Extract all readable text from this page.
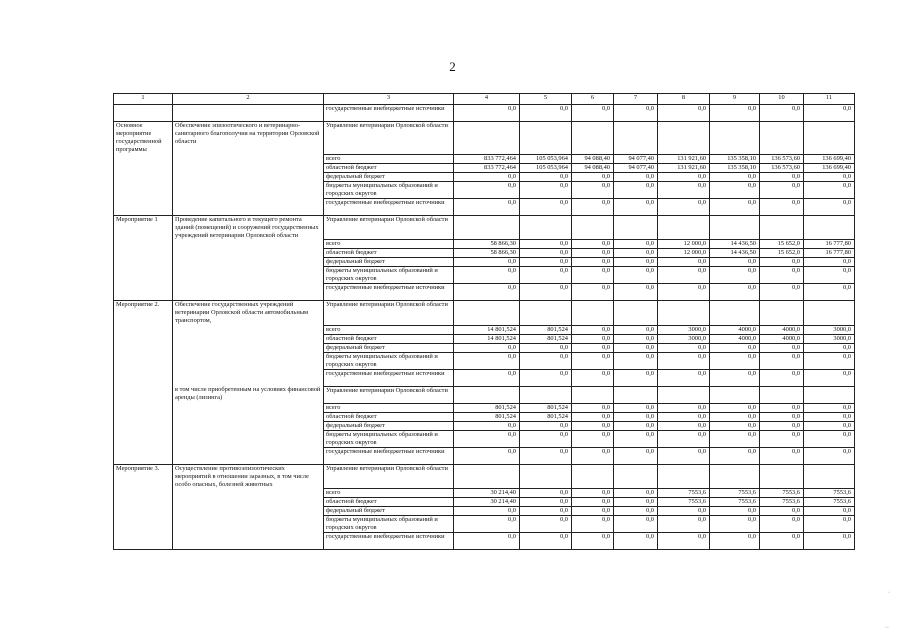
2
1	2	3	4	5	6	7	8	9	10	11
		государственные внебюджетные источники	0,0	0,0	0,0	0,0	0,0	0,0	0,0	0,0
Основное мероприятие государственной программы	Обеспечение эпизоотического и ветеринарно-санитарного благополучия на территории Орловской области	Управление ветеринарии Орловской области								
		всего	833 772,464	105 053,964	94 088,40	94 077,40	131 921,60	135 358,10	136 573,60	136 699,40
		областной бюджет	833 772,464	105 053,964	94 088,40	94 077,40	131 921,60	135 358,10	136 573,60	136 699,40
		федеральный бюджет	0,0	0,0	0,0	0,0	0,0	0,0	0,0	0,0
		бюджеты муниципальных образований и городских округов	0,0	0,0	0,0	0,0	0,0	0,0	0,0	0,0
		государственные внебюджетные источники	0,0	0,0	0,0	0,0	0,0	0,0	0,0	0,0
Мероприятие 1	Проведение капитального и текущего ремонта зданий (помещений) и сооружений государственных учреждений ветеринарии Орловской области	Управление ветеринарии Орловской области								
		всего	58 866,30	0,0	0,0	0,0	12 000,0	14 436,50	15 652,0	16 777,80
		областной бюджет	58 866,30	0,0	0,0	0,0	12 000,0	14 436,50	15 652,0	16 777,80
		федеральный бюджет	0,0	0,0	0,0	0,0	0,0	0,0	0,0	0,0
		бюджеты муниципальных образований и городских округов	0,0	0,0	0,0	0,0	0,0	0,0	0,0	0,0
		государственные внебюджетные источники	0,0	0,0	0,0	0,0	0,0	0,0	0,0	0,0
Мероприятие 2.	Обеспечение государственных учреждений ветеринарии Орловской области автомобильным транспортом,	Управление ветеринарии Орловской области								
		всего	14 801,524	801,524	0,0	0,0	3000,0	4000,0	4000,0	3000,0
		областной бюджет	14 801,524	801,524	0,0	0,0	3000,0	4000,0	4000,0	3000,0
		федеральный бюджет	0,0	0,0	0,0	0,0	0,0	0,0	0,0	0,0
		бюджеты муниципальных образований и городских округов	0,0	0,0	0,0	0,0	0,0	0,0	0,0	0,0
		государственные внебюджетные источники	0,0	0,0	0,0	0,0	0,0	0,0	0,0	0,0
	в том числе приобретенным на условиях финансовой аренды (лизинга)	Управление ветеринарии Орловской области								
		всего	801,524	801,524	0,0	0,0	0,0	0,0	0,0	0,0
		областной бюджет	801,524	801,524	0,0	0,0	0,0	0,0	0,0	0,0
		федеральный бюджет	0,0	0,0	0,0	0,0	0,0	0,0	0,0	0,0
		бюджеты муниципальных образований и городских округов	0,0	0,0	0,0	0,0	0,0	0,0	0,0	0,0
		государственные внебюджетные источники	0,0	0,0	0,0	0,0	0,0	0,0	0,0	0,0
Мероприятие 3.	Осуществление противоэпизоотических мероприятий в отношении заразных, в том числе особо опасных, болезней животных	Управление ветеринарии Орловской области								
		всего	30 214,40	0,0	0,0	0,0	7553,6	7553,6	7553,6	7553,6
		областной бюджет	30 214,40	0,0	0,0	0,0	7553,6	7553,6	7553,6	7553,6
		федеральный бюджет	0,0	0,0	0,0	0,0	0,0	0,0	0,0	0,0
		бюджеты муниципальных образований и городских округов	0,0	0,0	0,0	0,0	0,0	0,0	0,0	0,0
		государственные внебюджетные источники	0,0	0,0	0,0	0,0	0,0	0,0	0,0	0,0
·
··
